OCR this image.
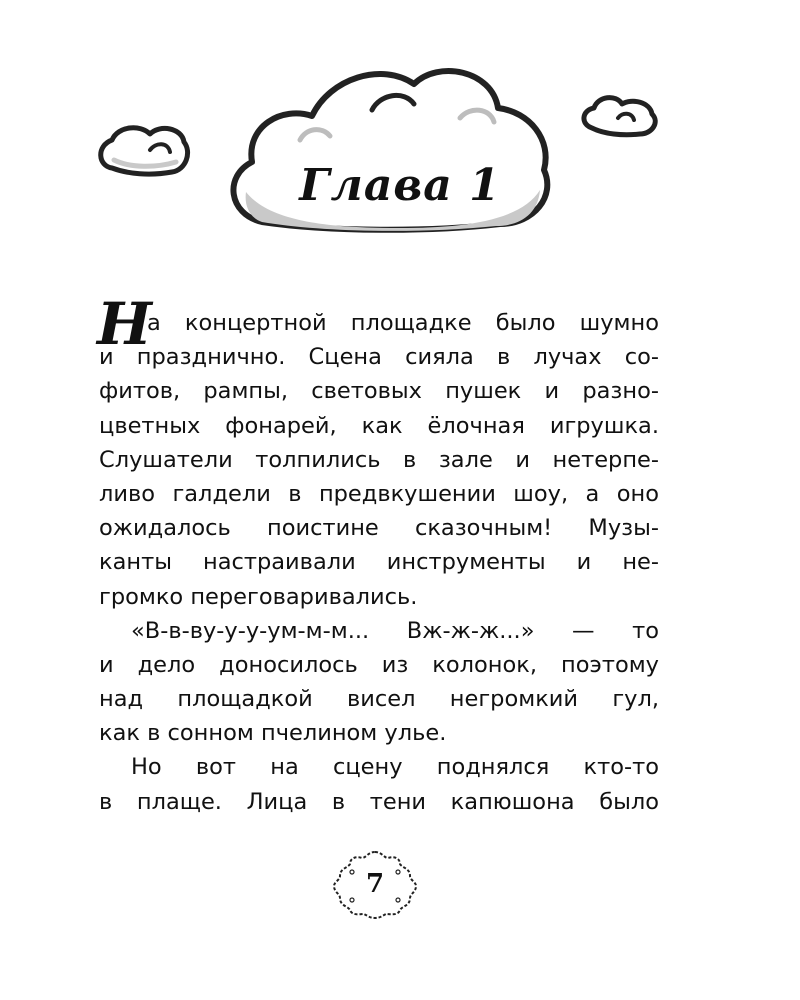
Глава 1
Н
а концертной площадке было шумно
и празднично. Сцена сияла в лучах со-
фитов, рампы, световых пушек и разно-
цветных фонарей, как ёлочная игрушка.
Слушатели толпились в зале и нетерпе-
ливо галдели в предвкушении шоу, а оно
ожидалось поистине сказочным! Музы-
канты настраивали инструменты и не-
громко переговаривались.
«В-в-ву-у-у-ум-м-м... Вж-ж-ж...» — то
и дело доносилось из колонок, поэтому
над площадкой висел негромкий гул,
как в сонном пчелином улье.
Но вот на сцену поднялся кто-то
в плаще. Лица в тени капюшона было
7
